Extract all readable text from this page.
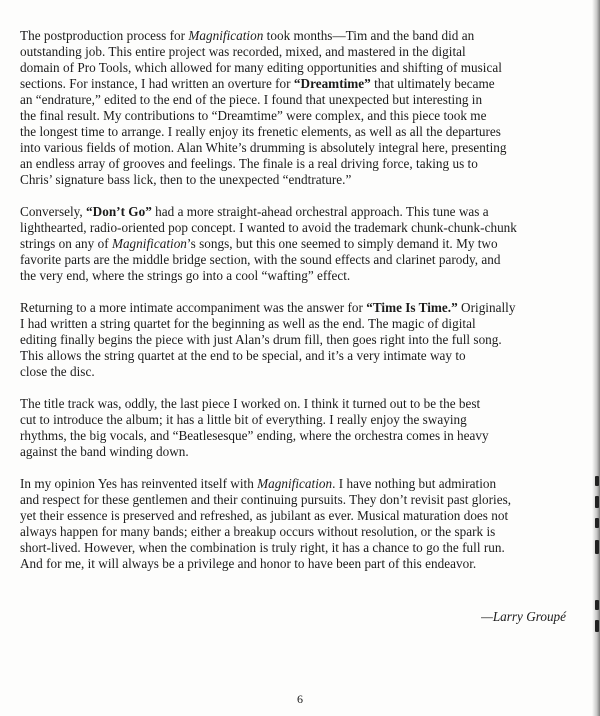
The postproduction process for Magnification took months—Tim and the band did an
outstanding job. This entire project was recorded, mixed, and mastered in the digital
domain of Pro Tools, which allowed for many editing opportunities and shifting of musical
sections. For instance, I had written an overture for “Dreamtime” that ultimately became
an “endrature,” edited to the end of the piece. I found that unexpected but interesting in
the final result. My contributions to “Dreamtime” were complex, and this piece took me
the longest time to arrange. I really enjoy its frenetic elements, as well as all the departures
into various fields of motion. Alan White’s drumming is absolutely integral here, presenting
an endless array of grooves and feelings. The finale is a real driving force, taking us to
Chris’ signature bass lick, then to the unexpected “endtrature.”

Conversely, “Don’t Go” had a more straight-ahead orchestral approach. This tune was a
lighthearted, radio-oriented pop concept. I wanted to avoid the trademark chunk-chunk-chunk
strings on any of Magnification’s songs, but this one seemed to simply demand it. My two
favorite parts are the middle bridge section, with the sound effects and clarinet parody, and
the very end, where the strings go into a cool “wafting” effect.

Returning to a more intimate accompaniment was the answer for “Time Is Time.” Originally
I had written a string quartet for the beginning as well as the end. The magic of digital
editing finally begins the piece with just Alan’s drum fill, then goes right into the full song.
This allows the string quartet at the end to be special, and it’s a very intimate way to
close the disc.

The title track was, oddly, the last piece I worked on. I think it turned out to be the best
cut to introduce the album; it has a little bit of everything. I really enjoy the swaying
rhythms, the big vocals, and “Beatlesesque” ending, where the orchestra comes in heavy
against the band winding down.

In my opinion Yes has reinvented itself with Magnification. I have nothing but admiration
and respect for these gentlemen and their continuing pursuits. They don’t revisit past glories,
yet their essence is preserved and refreshed, as jubilant as ever. Musical maturation does not
always happen for many bands; either a breakup occurs without resolution, or the spark is
short-lived. However, when the combination is truly right, it has a chance to go the full run.
And for me, it will always be a privilege and honor to have been part of this endeavor.

—Larry Groupé
6
